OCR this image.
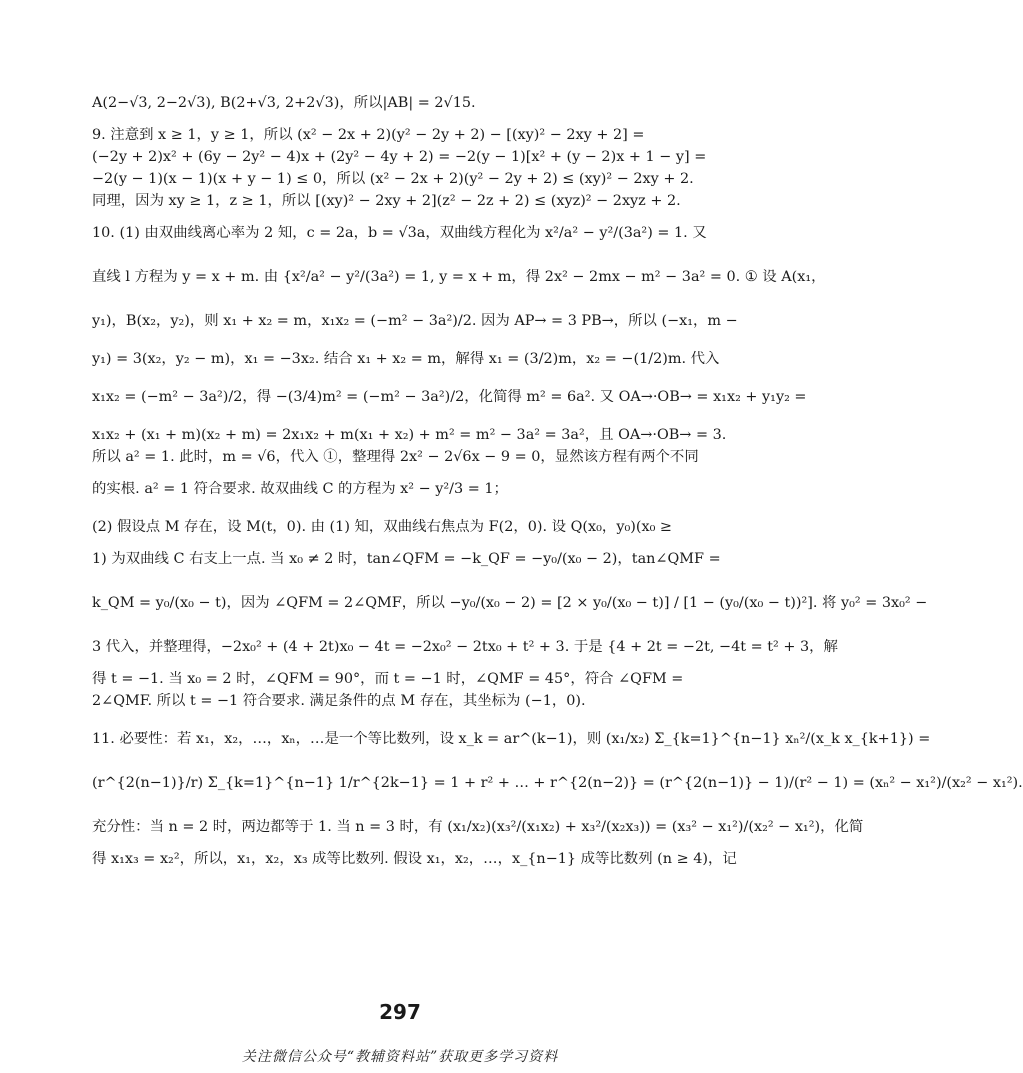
A(2−√3, 2−2√3), B(2+√3, 2+2√3)，所以|AB| = 2√15.
9. 注意到 x ≥ 1，y ≥ 1，所以 (x² − 2x + 2)(y² − 2y + 2) − [(xy)² − 2xy + 2] =
(−2y + 2)x² + (6y − 2y² − 4)x + (2y² − 4y + 2) = −2(y − 1)[x² + (y − 2)x + 1 − y] =
−2(y − 1)(x − 1)(x + y − 1) ≤ 0，所以 (x² − 2x + 2)(y² − 2y + 2) ≤ (xy)² − 2xy + 2.
同理，因为 xy ≥ 1，z ≥ 1，所以 [(xy)² − 2xy + 2](z² − 2z + 2) ≤ (xyz)² − 2xyz + 2.
10. (1) 由双曲线离心率为 2 知，c = 2a，b = √3a，双曲线方程化为 x²/a² − y²/(3a²) = 1. 又
直线 l 方程为 y = x + m. 由 {x²/a² − y²/(3a²) = 1, y = x + m，得 2x² − 2mx − m² − 3a² = 0. ① 设 A(x₁，
y₁)，B(x₂，y₂)，则 x₁ + x₂ = m，x₁x₂ = (−m² − 3a²)/2. 因为 AP→ = 3 PB→，所以 (−x₁，m −
y₁) = 3(x₂，y₂ − m)，x₁ = −3x₂. 结合 x₁ + x₂ = m，解得 x₁ = (3/2)m，x₂ = −(1/2)m. 代入
x₁x₂ = (−m² − 3a²)/2，得 −(3/4)m² = (−m² − 3a²)/2，化简得 m² = 6a². 又 OA→·OB→ = x₁x₂ + y₁y₂ =
x₁x₂ + (x₁ + m)(x₂ + m) = 2x₁x₂ + m(x₁ + x₂) + m² = m² − 3a² = 3a²，且 OA→·OB→ = 3.
所以 a² = 1. 此时，m = √6，代入 ①，整理得 2x² − 2√6x − 9 = 0，显然该方程有两个不同
的实根. a² = 1 符合要求. 故双曲线 C 的方程为 x² − y²/3 = 1；
(2) 假设点 M 存在，设 M(t，0). 由 (1) 知，双曲线右焦点为 F(2，0). 设 Q(x₀，y₀)(x₀ ≥
1) 为双曲线 C 右支上一点. 当 x₀ ≠ 2 时，tan∠QFM = −k_QF = −y₀/(x₀ − 2)，tan∠QMF =
k_QM = y₀/(x₀ − t)，因为 ∠QFM = 2∠QMF，所以 −y₀/(x₀ − 2) = [2 × y₀/(x₀ − t)] / [1 − (y₀/(x₀ − t))²]. 将 y₀² = 3x₀² −
3 代入，并整理得，−2x₀² + (4 + 2t)x₀ − 4t = −2x₀² − 2tx₀ + t² + 3. 于是 {4 + 2t = −2t, −4t = t² + 3，解
得 t = −1. 当 x₀ = 2 时，∠QFM = 90°，而 t = −1 时，∠QMF = 45°，符合 ∠QFM =
2∠QMF. 所以 t = −1 符合要求. 满足条件的点 M 存在，其坐标为 (−1，0).
11. 必要性：若 x₁，x₂，…，xₙ，…是一个等比数列，设 x_k = ar^(k−1)，则 (x₁/x₂) Σ_{k=1}^{n−1} xₙ²/(x_k x_{k+1}) =
(r^{2(n−1)}/r) Σ_{k=1}^{n−1} 1/r^{2k−1} = 1 + r² + … + r^{2(n−2)} = (r^{2(n−1)} − 1)/(r² − 1) = (xₙ² − x₁²)/(x₂² − x₁²).
充分性：当 n = 2 时，两边都等于 1. 当 n = 3 时，有 (x₁/x₂)(x₃²/(x₁x₂) + x₃²/(x₂x₃)) = (x₃² − x₁²)/(x₂² − x₁²)，化简
得 x₁x₃ = x₂²，所以，x₁，x₂，x₃ 成等比数列. 假设 x₁，x₂，…，x_{n−1} 成等比数列 (n ≥ 4)，记
297
关注微信公众号“教辅资料站”获取更多学习资料
